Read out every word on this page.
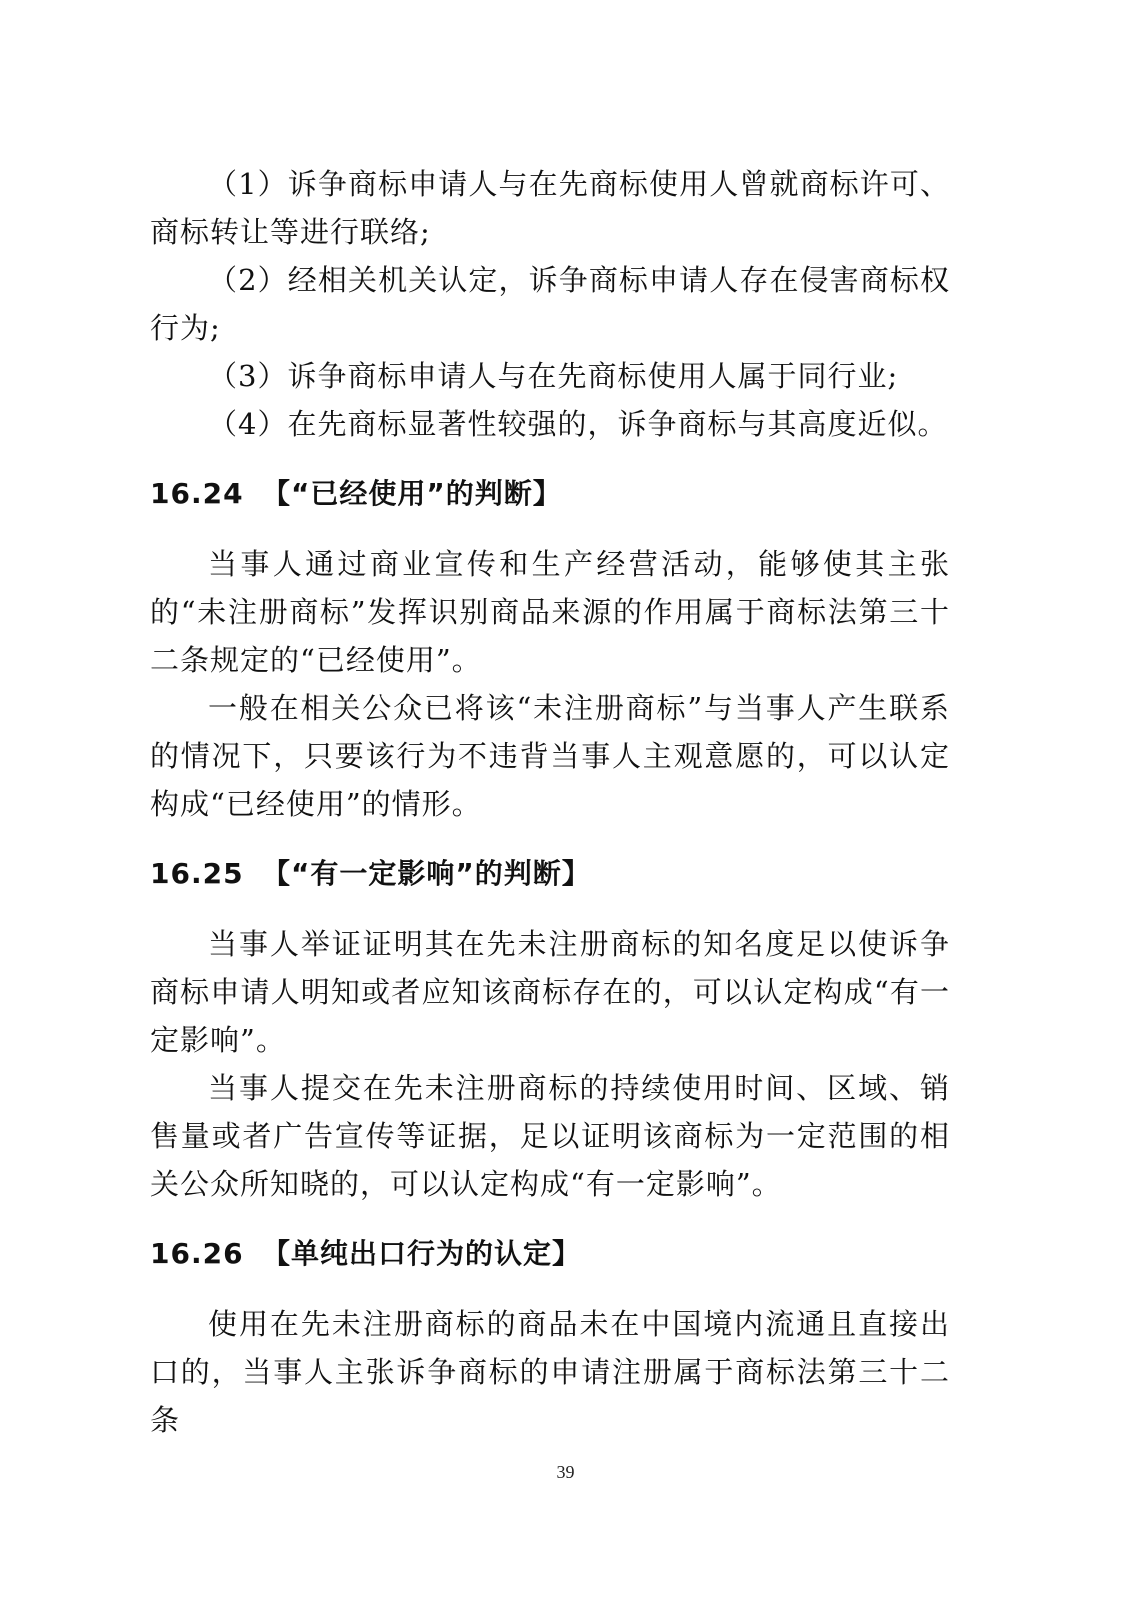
（1）诉争商标申请人与在先商标使用人曾就商标许可、商标转让等进行联络;

（2）经相关机关认定，诉争商标申请人存在侵害商标权行为;

（3）诉争商标申请人与在先商标使用人属于同行业;

（4）在先商标显著性较强的，诉争商标与其高度近似。

16.24 【“已经使用”的判断】

当事人通过商业宣传和生产经营活动，能够使其主张的“未注册商标”发挥识别商品来源的作用属于商标法第三十二条规定的“已经使用”。

一般在相关公众已将该“未注册商标”与当事人产生联系的情况下，只要该行为不违背当事人主观意愿的，可以认定构成“已经使用”的情形。

16.25 【“有一定影响”的判断】

当事人举证证明其在先未注册商标的知名度足以使诉争商标申请人明知或者应知该商标存在的，可以认定构成“有一定影响”。

当事人提交在先未注册商标的持续使用时间、区域、销售量或者广告宣传等证据，足以证明该商标为一定范围的相关公众所知晓的，可以认定构成“有一定影响”。

16.26 【单纯出口行为的认定】

使用在先未注册商标的商品未在中国境内流通且直接出口的，当事人主张诉争商标的申请注册属于商标法第三十二条

39
